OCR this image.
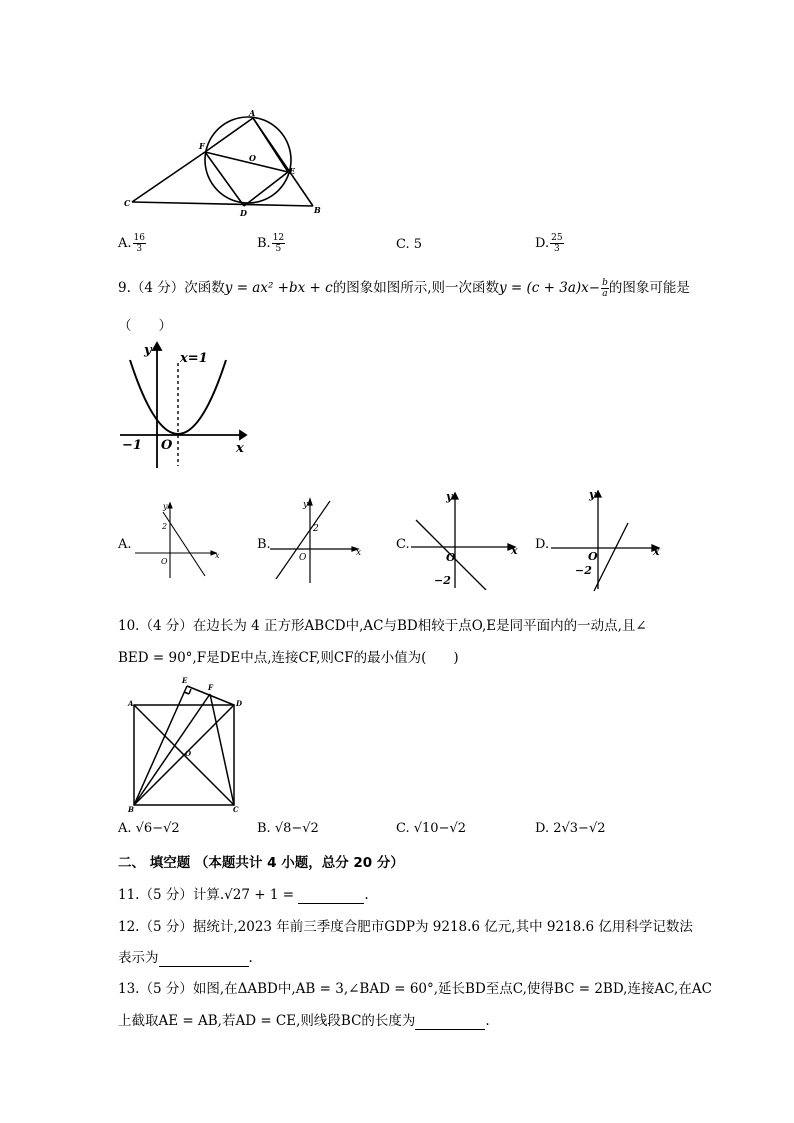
A
F
O
E
C
D	B
A. $\frac{16}{3}$	B. $\frac{12}{5}$	C. 5	D. $\frac{25}{3}$
9.（4 分）次函数y = ax² +bx + c的图象如图所示,则一次函数$y = (c + 3a)x- \frac{b}{a}$ 的图象可能是
（　　）
y
x=1
−1 O	x
A.
y
x
O
2
B.
y
x
O
2
C.
y
x
O
−2
D.
y
x
O
−2
10.（4 分）在边长为 4 正方形ABCD中,AC与BD相较于点O,E是同平面内的一动点,且∠
BED = 90°,F是DE中点,连接CF,则CF的最小值为(　　)
A	D
B	C
E
F
O
A. √6−√2	B. √8−√2	C. √10−√2	D. 2√3−√2
二、 填空题 （本题共计 4 小题，总分 20 分）
11.（5 分）计算.√27 + 1 =	.
12.（5 分）据统计,2023 年前三季度合肥市GDP为 9218.6 亿元,其中 9218.6 亿用科学记数法
表示为	.
13.（5 分）如图,在ΔABD中,AB = 3,∠BAD = 60°,延长BD至点C,使得BC = 2BD,连接AC,在AC
上截取AE = AB,若AD = CE,则线段BC的长度为	.
